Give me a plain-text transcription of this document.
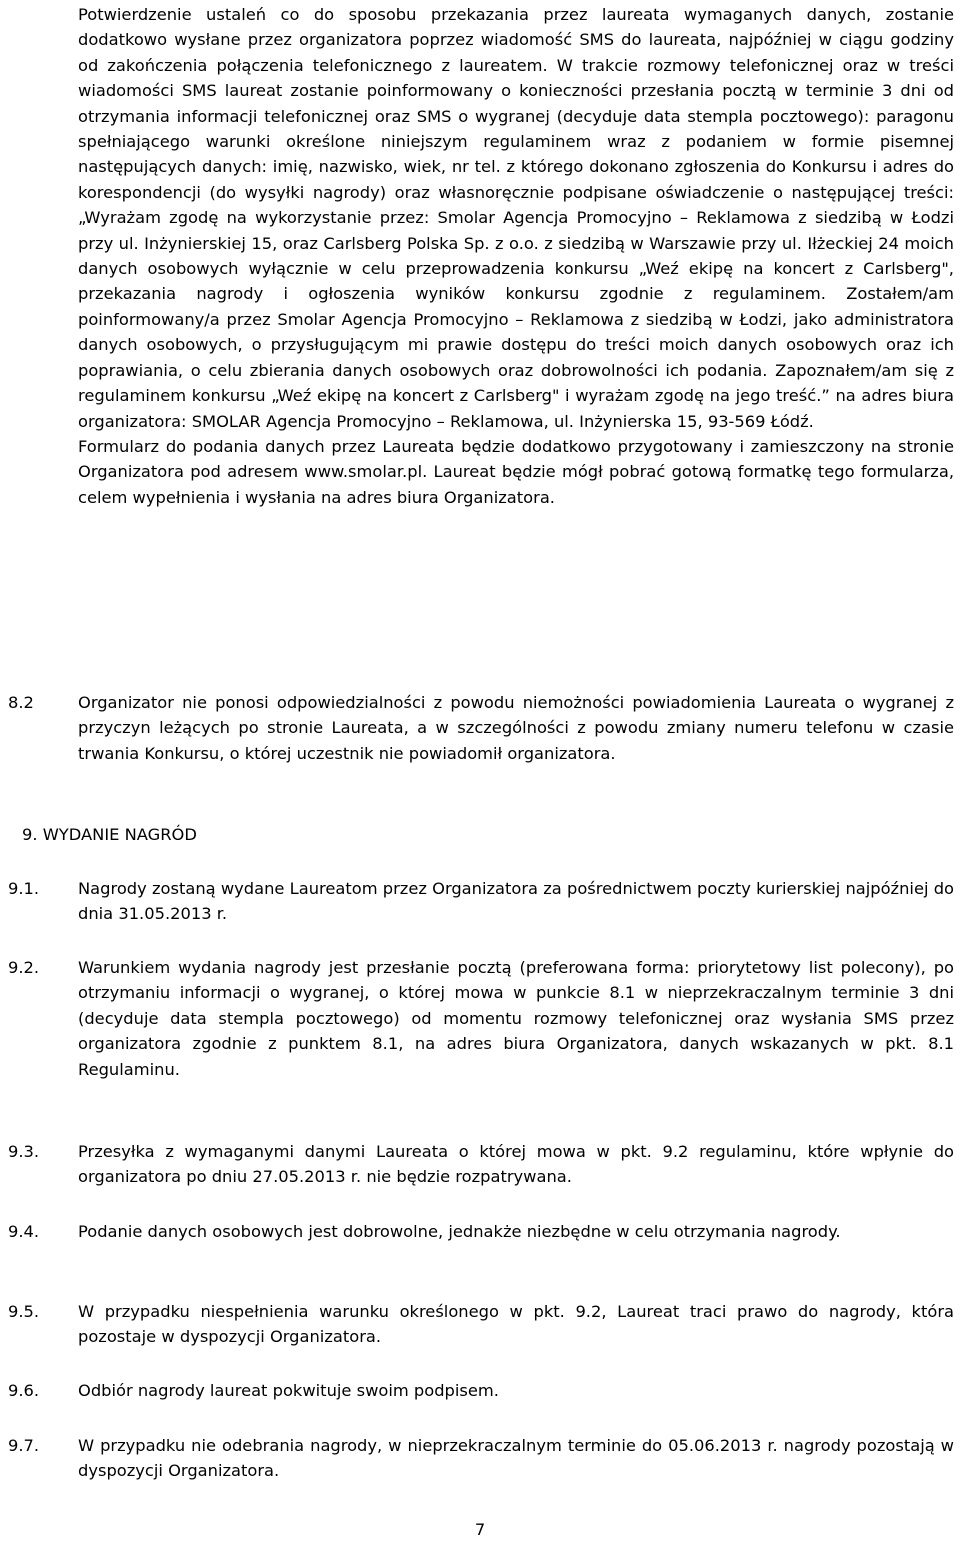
Potwierdzenie ustaleń co do sposobu przekazania przez laureata wymaganych danych, zostanie dodatkowo wysłane przez organizatora poprzez wiadomość SMS do laureata, najpóźniej w ciągu godziny od zakończenia połączenia telefonicznego z laureatem. W trakcie rozmowy telefonicznej oraz w treści wiadomości SMS laureat zostanie poinformowany o konieczności przesłania pocztą w terminie 3 dni od otrzymania informacji telefonicznej oraz SMS o wygranej (decyduje data stempla pocztowego): paragonu spełniającego warunki określone niniejszym regulaminem wraz z podaniem w formie pisemnej następujących danych: imię, nazwisko, wiek, nr tel. z którego dokonano zgłoszenia do Konkursu i adres do korespondencji (do wysyłki nagrody) oraz własnoręcznie podpisane oświadczenie o następującej treści: „Wyrażam zgodę na wykorzystanie przez: Smolar Agencja Promocyjno – Reklamowa z siedzibą w Łodzi przy ul. Inżynierskiej 15, oraz Carlsberg Polska Sp. z o.o. z siedzibą w Warszawie przy ul. Iłżeckiej 24 moich danych osobowych wyłącznie w celu przeprowadzenia konkursu „Weź ekipę na koncert z Carlsberg", przekazania nagrody i ogłoszenia wyników konkursu zgodnie z regulaminem. Zostałem/am poinformowany/a przez Smolar Agencja Promocyjno – Reklamowa z siedzibą w Łodzi, jako administratora danych osobowych, o przysługującym mi prawie dostępu do treści moich danych osobowych oraz ich poprawiania, o celu zbierania danych osobowych oraz dobrowolności ich podania. Zapoznałem/am się z regulaminem konkursu „Weź ekipę na koncert z Carlsberg" i wyrażam zgodę na jego treść.” na adres biura organizatora: SMOLAR Agencja Promocyjno – Reklamowa, ul. Inżynierska 15, 93-569 Łódź.

Formularz do podania danych przez Laureata będzie dodatkowo przygotowany i zamieszczony na stronie Organizatora pod adresem www.smolar.pl. Laureat będzie mógł pobrać gotową formatkę tego formularza, celem wypełnienia i wysłania na adres biura Organizatora.

8.2	Organizator nie ponosi odpowiedzialności z powodu niemożności powiadomienia Laureata o wygranej z przyczyn leżących po stronie Laureata, a w szczególności z powodu zmiany numeru telefonu w czasie trwania Konkursu, o której uczestnik nie powiadomił organizatora.
9. WYDANIE NAGRÓD
9.1. Nagrody zostaną wydane Laureatom przez Organizatora za pośrednictwem poczty kurierskiej najpóźniej do dnia 31.05.2013 r.
9.2. Warunkiem wydania nagrody jest przesłanie pocztą (preferowana forma: priorytetowy list polecony), po otrzymaniu informacji o wygranej, o której mowa w punkcie 8.1 w nieprzekraczalnym terminie 3 dni (decyduje data stempla pocztowego) od momentu rozmowy telefonicznej oraz wysłania SMS przez organizatora zgodnie z punktem 8.1, na adres biura Organizatora, danych wskazanych w pkt. 8.1 Regulaminu.
9.3. Przesyłka z wymaganymi danymi Laureata o której mowa w pkt. 9.2 regulaminu, które wpłynie do organizatora po dniu 27.05.2013 r. nie będzie rozpatrywana.
9.4. Podanie danych osobowych jest dobrowolne, jednakże niezbędne w celu otrzymania nagrody.
9.5. W przypadku niespełnienia warunku określonego w pkt. 9.2, Laureat traci prawo do nagrody, która pozostaje w dyspozycji Organizatora.
9.6. Odbiór nagrody laureat pokwituje swoim podpisem.
9.7. W przypadku nie odebrania nagrody, w nieprzekraczalnym terminie do 05.06.2013 r. nagrody pozostają w dyspozycji Organizatora.
7
